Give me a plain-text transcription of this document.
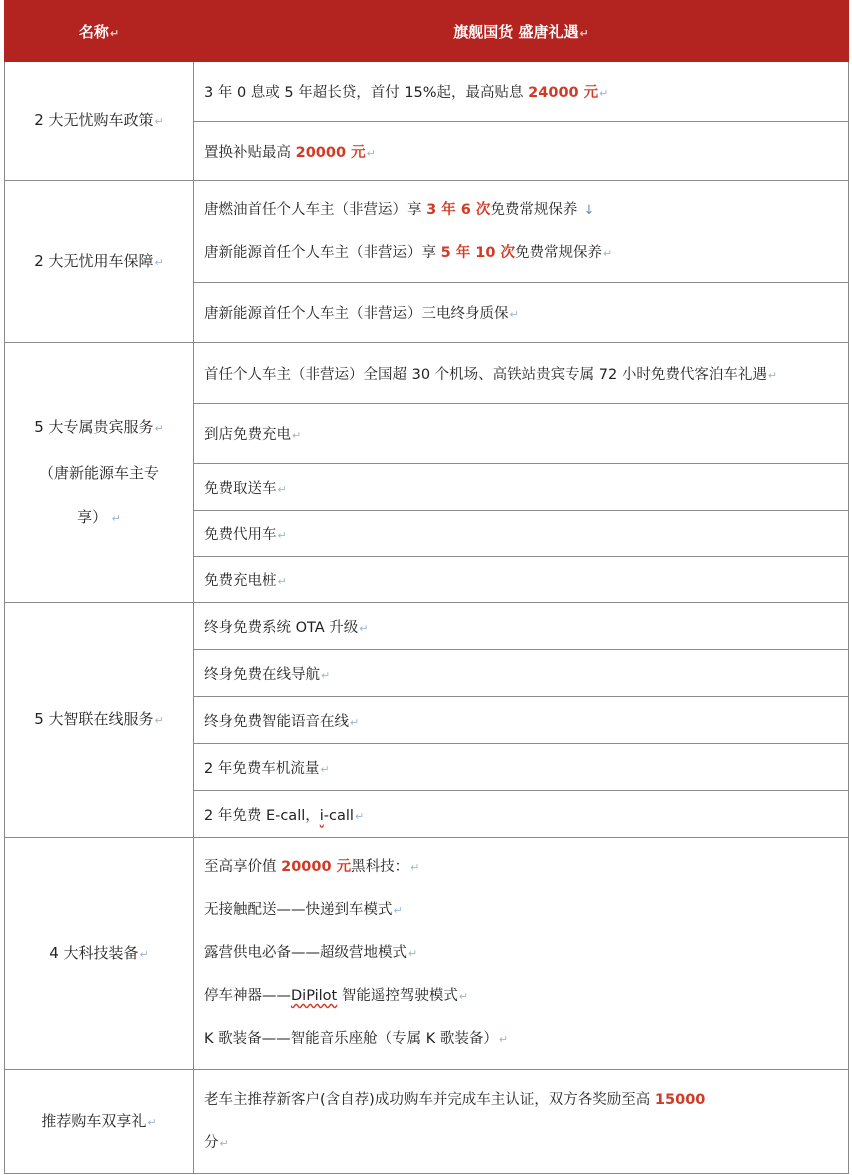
名称↵	旗舰国货 盛唐礼遇↵
2 大无忧购车政策↵	3 年 0 息或 5 年超长贷，首付 15%起，最高贴息 24000 元↵
	置换补贴最高 20000 元↵
2 大无忧用车保障↵	唐燃油首任个人车主（非营运）享 3 年 6 次免费常规保养 ↓
唐新能源首任个人车主（非营运）享 5 年 10 次免费常规保养↵

	唐新能源首任个人车主（非营运）三电终身质保↵

5 大专属贵宾服务↵
（唐新能源车主专
享） ↵	首任个人车主（非营运）全国超 30 个机场、高铁站贵宾专属 72 小时免费代客泊车礼遇↵
	到店免费充电↵
	免费取送车↵
	免费代用车↵
	免费充电桩↵
5 大智联在线服务↵	终身免费系统 OTA 升级↵
	终身免费在线导航↵
	终身免费智能语音在线↵
	2 年免费车机流量↵
	2 年免费 E-call，i-call↵
4 大科技装备↵	至高享价值 20000 元黑科技：↵
无接触配送——快递到车模式↵
露营供电必备——超级营地模式↵
停车神器——DiPilot 智能遥控驾驶模式↵
K 歌装备——智能音乐座舱（专属 K 歌装备）↵

推荐购车双享礼↵	老车主推荐新客户(含自荐)成功购车并完成车主认证，双方各奖励至高 15000
分↵
